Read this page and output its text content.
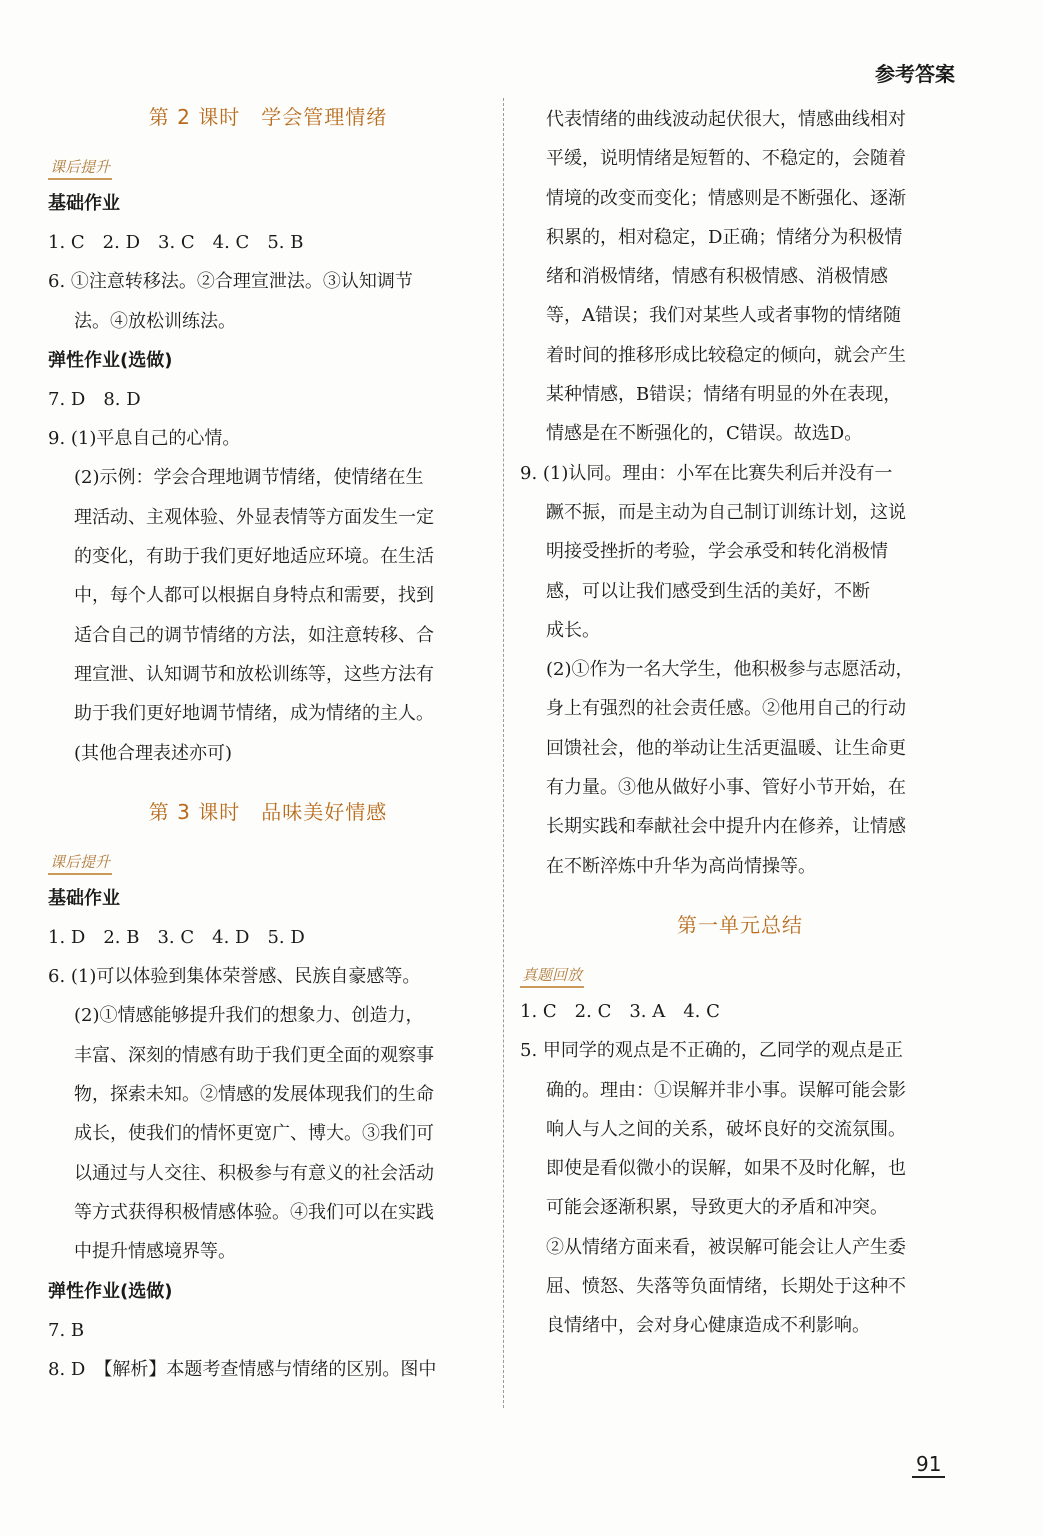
参考答案
第 2 课时　学会管理情绪
课后提升
基础作业
1. C　2. D　3. C　4. C　5. B
6. ①注意转移法。②合理宣泄法。③认知调节
法。④放松训练法。
弹性作业(选做)
7. D　8. D
9. (1)平息自己的心情。
(2)示例：学会合理地调节情绪，使情绪在生
理活动、主观体验、外显表情等方面发生一定
的变化，有助于我们更好地适应环境。在生活
中，每个人都可以根据自身特点和需要，找到
适合自己的调节情绪的方法，如注意转移、合
理宣泄、认知调节和放松训练等，这些方法有
助于我们更好地调节情绪，成为情绪的主人。
(其他合理表述亦可)
第 3 课时　品味美好情感
课后提升
基础作业
1. D　2. B　3. C　4. D　5. D
6. (1)可以体验到集体荣誉感、民族自豪感等。
(2)①情感能够提升我们的想象力、创造力，
丰富、深刻的情感有助于我们更全面的观察事
物，探索未知。②情感的发展体现我们的生命
成长，使我们的情怀更宽广、博大。③我们可
以通过与人交往、积极参与有意义的社会活动
等方式获得积极情感体验。④我们可以在实践
中提升情感境界等。
弹性作业(选做)
7. B
8. D　【解析】本题考查情感与情绪的区别。图中
代表情绪的曲线波动起伏很大，情感曲线相对
平缓，说明情绪是短暂的、不稳定的，会随着
情境的改变而变化；情感则是不断强化、逐渐
积累的，相对稳定，D正确；情绪分为积极情
绪和消极情绪，情感有积极情感、消极情感
等，A错误；我们对某些人或者事物的情绪随
着时间的推移形成比较稳定的倾向，就会产生
某种情感，B错误；情绪有明显的外在表现，
情感是在不断强化的，C错误。故选D。
9. (1)认同。理由：小军在比赛失利后并没有一
蹶不振，而是主动为自己制订训练计划，这说
明接受挫折的考验，学会承受和转化消极情
感，可以让我们感受到生活的美好，不断
成长。
(2)①作为一名大学生，他积极参与志愿活动，
身上有强烈的社会责任感。②他用自己的行动
回馈社会，他的举动让生活更温暖、让生命更
有力量。③他从做好小事、管好小节开始，在
长期实践和奉献社会中提升内在修养，让情感
在不断淬炼中升华为高尚情操等。
第一单元总结
真题回放
1. C　2. C　3. A　4. C
5. 甲同学的观点是不正确的，乙同学的观点是正
确的。理由：①误解并非小事。误解可能会影
响人与人之间的关系，破坏良好的交流氛围。
即使是看似微小的误解，如果不及时化解，也
可能会逐渐积累，导致更大的矛盾和冲突。
②从情绪方面来看，被误解可能会让人产生委
屈、愤怒、失落等负面情绪，长期处于这种不
良情绪中，会对身心健康造成不利影响。
91
